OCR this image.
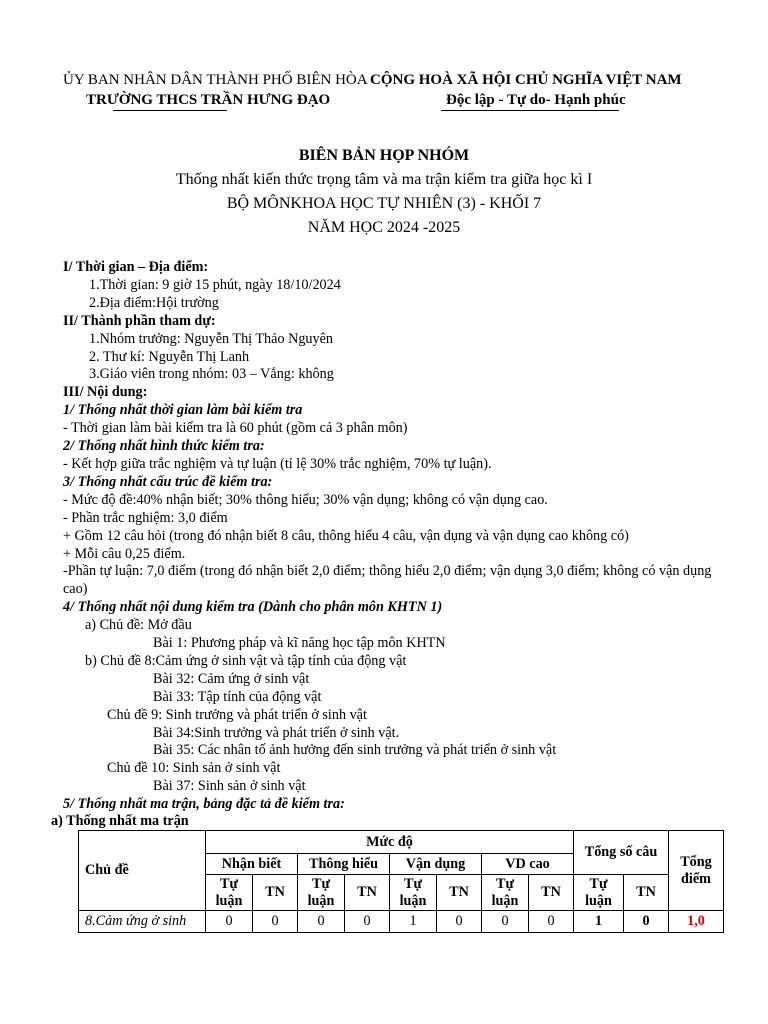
ỦY BAN NHÂN DÂN THÀNH PHỐ BIÊN HÒA
TRƯỜNG THCS TRẦN HƯNG ĐẠO
CỘNG HOÀ XÃ HỘI CHỦ NGHĨA VIỆT NAM
Độc lập - Tự do- Hạnh phúc
BIÊN BẢN HỌP NHÓM
Thống nhất kiến thức trọng tâm và ma trận kiểm tra giữa học kì I
BỘ MÔNKHOA HỌC TỰ NHIÊN (3) - KHỐI 7
NĂM HỌC 2024 -2025
I/ Thời gian – Địa điểm:
1.Thời gian: 9 giờ 15 phút, ngày 18/10/2024
2.Địa điểm:Hội trường
II/ Thành phần tham dự:
1.Nhóm trưởng: Nguyễn Thị Thảo Nguyên
2. Thư kí: Nguyễn Thị Lanh
3.Giáo viên trong nhóm: 03 – Vắng: không
III/ Nội dung:
1/ Thống nhất thời gian làm bài kiểm tra
- Thời gian làm bài kiểm tra là 60 phút (gồm cả 3 phân môn)
2/ Thống nhất hình thức kiểm tra:
- Kết hợp giữa trắc nghiệm và tự luận (tỉ lệ 30% trắc nghiệm, 70% tự luận).
3/ Thống nhất cấu trúc đề kiểm tra:
- Mức độ đề:40% nhận biết; 30% thông hiểu; 30% vận dụng; không có vận dụng cao.
- Phần trắc nghiệm: 3,0 điểm
+ Gồm 12 câu hỏi (trong đó nhận biết 8 câu, thông hiểu 4 câu, vận dụng và vận dụng cao không có)
+ Mỗi câu 0,25 điểm.
-Phần tự luận: 7,0 điểm (trong đó nhận biết 2,0 điểm; thông hiểu 2,0 điểm; vận dụng 3,0 điểm; không có vận dụng cao)
4/ Thống nhất nội dung kiểm tra (Dành cho phân môn KHTN 1)
a) Chủ đề: Mở đầu
Bài 1: Phương pháp và kĩ năng học tập môn KHTN
b) Chủ đề 8:Cảm ứng ở sinh vật và tập tính của động vật
Bài 32: Cảm ứng ở sinh vật
Bài 33: Tập tính của động vật
Chủ đề 9: Sinh trưởng và phát triển ở sinh vật
Bài 34:Sinh trưởng và phát triển ở sinh vật.
Bài 35: Các nhân tố ảnh hưởng đến sinh trưởng và phát triển ở sinh vật
Chủ đề 10: Sinh sản ở sinh vật
Bài 37: Sinh sản ở sinh vật
5/ Thống nhất ma trận, bảng đặc tả đề kiểm tra:
a) Thống nhất ma trận
Chủ đề	Mức độ								Tổng số câu		Tổng điểm
	Nhận biết		Thông hiểu		Vận dụng		VD cao				
	Tự luận	TN	Tự luận	TN	Tự luận	TN	Tự luận	TN	Tự luận	TN	
8.Cảm ứng ở sinh	0	0	0	0	1	0	0	0	1	0	1,0
